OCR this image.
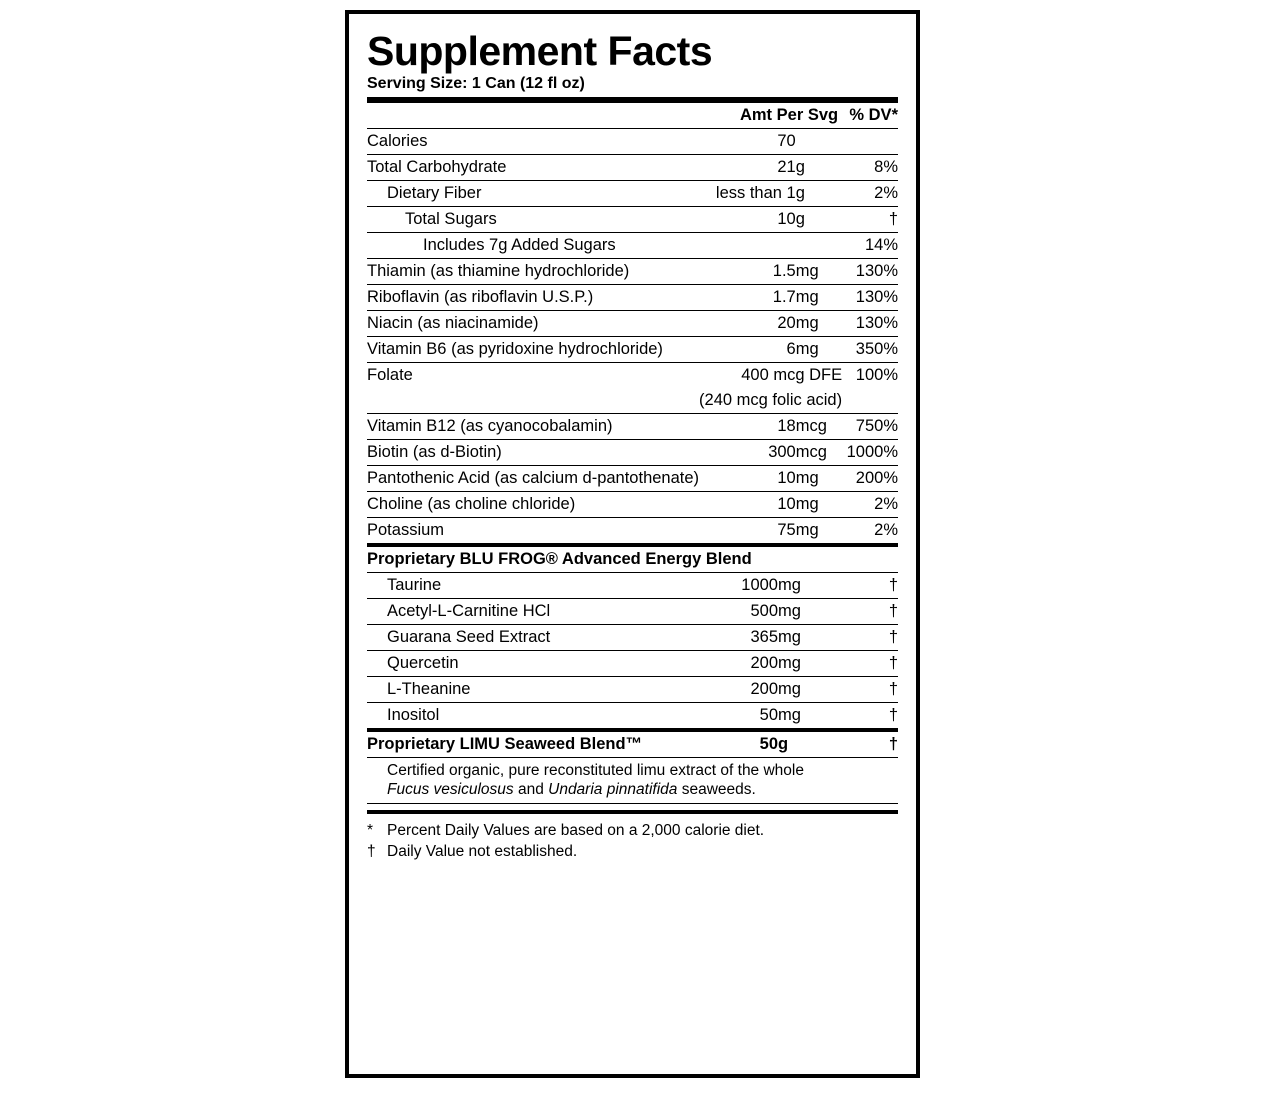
Supplement Facts
Serving Size: 1 Can (12 fl oz)
	Amt Per Svg		% DV*
Calories	70		
Total Carbohydrate	21	g	8%
Dietary Fiber	less than 1	g	2%
Total Sugars	10	g	†
Includes 7g Added Sugars			14%
Thiamin (as thiamine hydrochloride)	1.5	mg	130%
Riboflavin (as riboflavin U.S.P.)	1.7	mg	130%
Niacin (as niacinamide)	20	mg	130%
Vitamin B6 (as pyridoxine hydrochloride)	6	mg	350%
Folate	400 mcg DFE		100%
	(240 mcg folic acid)		
Vitamin B12 (as cyanocobalamin)	18	mcg	750%
Biotin (as d-Biotin)	300	mcg	1000%
Pantothenic Acid (as calcium d-pantothenate)	10	mg	200%
Choline (as choline chloride)	10	mg	2%
Potassium	75	mg	2%
Proprietary BLU FROG® Advanced Energy Blend			
Taurine	1000	mg	†
Acetyl-L-Carnitine HCl	500	mg	†
Guarana Seed Extract	365	mg	†
Quercetin	200	mg	†
L-Theanine	200	mg	†
Inositol	50	mg	†
Proprietary LIMU Seaweed Blend™	50	g	†
Certified organic, pure reconstituted limu extract of the whole
Fucus vesiculosus and Undaria pinnatifida seaweeds.
* Percent Daily Values are based on a 2,000 calorie diet.
† Daily Value not established.
